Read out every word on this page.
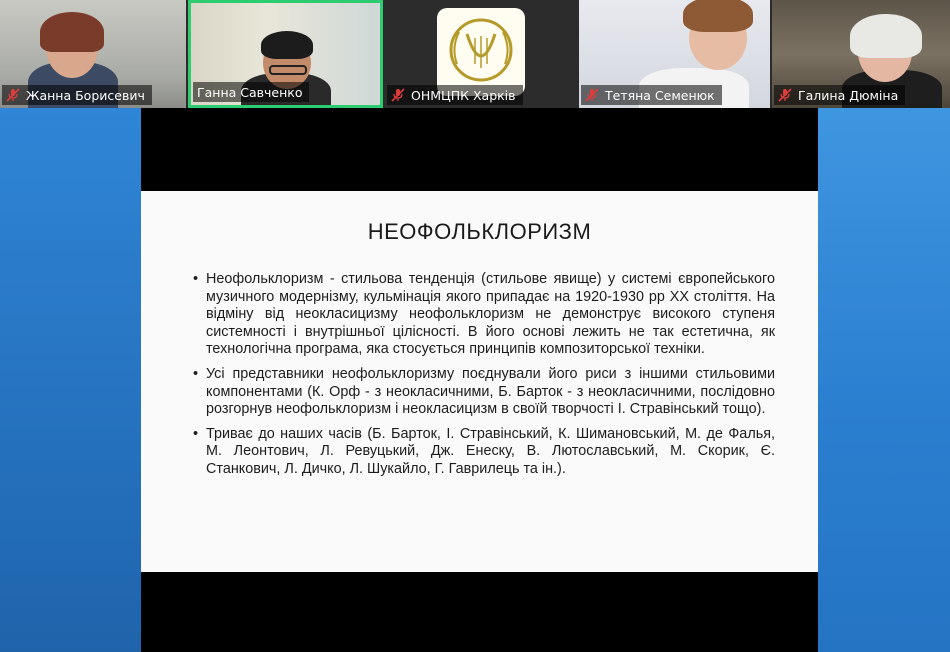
Жанна Борисевич	Ганна Савченко	ОНМЦПК Харків	Тетяна Семенюк	Галина Дюміна
НЕОФОЛЬКЛОРИЗМ
• Неофольклоризм - стильова тенденція (стильове явище) у системі європейського музичного модернізму, кульмінація якого припадає на 1920-1930 рр ХХ століття. На відміну від неокласицизму неофольклоризм не демонструє високого ступеня системності і внутрішньої цілісності. В його основі лежить не так естетична, як технологічна програма, яка стосується принципів композиторської техніки.
• Усі представники неофольклоризму поєднували його риси з іншими стильовими компонентами (К. Орф - з неокласичними, Б. Барток - з неокласичними, послідовно розгорнув неофольклоризм і неокласицизм в своїй творчості І. Стравінський тощо).
• Триває до наших часів (Б. Барток, І. Стравінський, К. Шимановський, М. де Фалья, М. Леонтович, Л. Ревуцький, Дж. Енеску, В. Лютославський, М. Скорик, Є. Станкович, Л. Дичко, Л. Шукайло, Г. Гаврилець та ін.).
